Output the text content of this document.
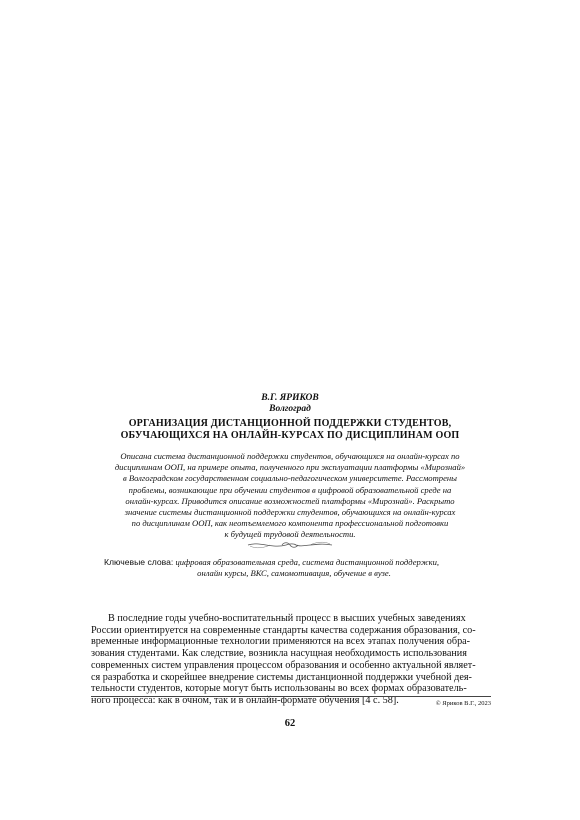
В.Г. ЯРИКОВ
Волгоград
ОРГАНИЗАЦИЯ ДИСТАНЦИОННОЙ ПОДДЕРЖКИ СТУДЕНТОВ,
ОБУЧАЮЩИХСЯ НА ОНЛАЙН-КУРСАХ ПО ДИСЦИПЛИНАМ ООП
Описана система дистанционной поддержки студентов, обучающихся на онлайн-курсах по
дисциплинам ООП, на примере опыта, полученного при эксплуатации платформы «Мирознай»
в Волгоградском государственном социально-педагогическом университете. Рассмотрены
проблемы, возникающие при обучении студентов в цифровой образовательной среде на
онлайн-курсах. Приводится описание возможностей платформы «Мирознай». Раскрыто
значение системы дистанционной поддержки студентов, обучающихся на онлайн-курсах
по дисциплинам ООП, как неотъемлемого компонента профессиональной подготовки
к будущей трудовой деятельности.
Ключевые слова: цифровая образовательная среда, система дистанционной поддержки,
онлайн курсы, ВКС, самомотивация, обучение в вузе.
В последние годы учебно-воспитательный процесс в высших учебных заведениях
России ориентируется на современные стандарты качества содержания образования, со-
временные информационные технологии применяются на всех этапах получения обра-
зования студентами. Как следствие, возникла насущная необходимость использования
современных систем управления процессом образования и особенно актуальной являет-
ся разработка и скорейшее внедрение системы дистанционной поддержки учебной дея-
тельности студентов, которые могут быть использованы во всех формах образователь-
ного процесса: как в очном, так и в онлайн-формате обучения [4 с. 58].	© Яриков В.Г., 2023
62
